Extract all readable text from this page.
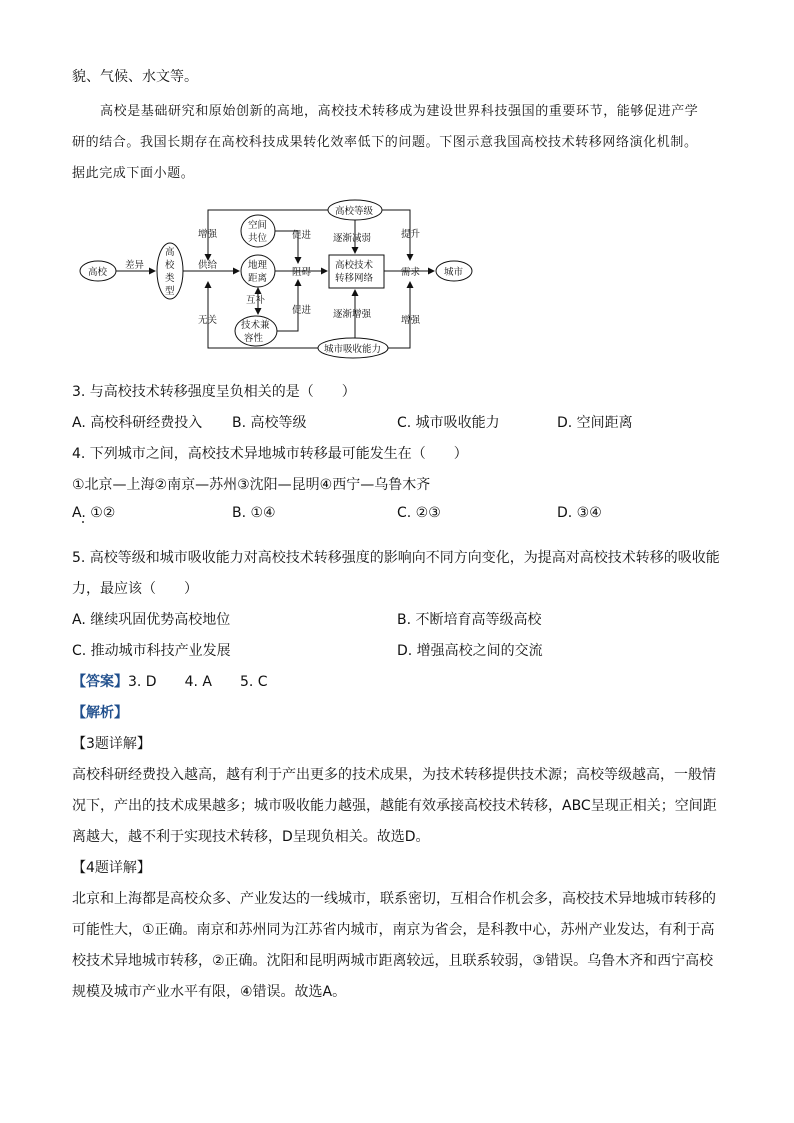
貌、气候、水文等。
高校是基础研究和原始创新的高地，高校技术转移成为建设世界科技强国的重要环节，能够促进产学
研的结合。我国长期存在高校科技成果转化效率低下的问题。下图示意我国高校技术转移网络演化机制。
据此完成下面小题。
高校
差异
高
校
类
型
供给
空间
共位
地理
距离
互补
技术兼
容性
促进
阻碍
促进
增强
无关
高校等级
逐渐减弱
逐渐增强
高校技术
转移网络
需求	城市
提升
增强
城市吸收能力
3. 与高校技术转移强度呈负相关的是（　　）
A. 高校科研经费投入 B. 高校等级	C. 城市吸收能力	D. 空间距离
4. 下列城市之间，高校技术异地城市转移最可能发生在（　　）
①北京—上海②南京—苏州③沈阳—昆明④西宁—乌鲁木齐
A. ①②	B. ①④	C. ②③	D. ③④
5. 高校等级和城市吸收能力对高校技术转移强度的影响向不同方向变化，为提高对高校技术转移的吸收能
力，最应该（　　）
A. 继续巩固优势高校地位	B. 不断培育高等级高校
C. 推动城市科技产业发展	D. 增强高校之间的交流
【答案】3. D　　4. A　　5. C
【解析】
【3题详解】
高校科研经费投入越高，越有利于产出更多的技术成果，为技术转移提供技术源；高校等级越高，一般情
况下，产出的技术成果越多；城市吸收能力越强，越能有效承接高校技术转移，ABC呈现正相关；空间距
离越大，越不利于实现技术转移，D呈现负相关。故选D。
【4题详解】
北京和上海都是高校众多、产业发达的一线城市，联系密切，互相合作机会多，高校技术异地城市转移的
可能性大，①正确。南京和苏州同为江苏省内城市，南京为省会，是科教中心，苏州产业发达，有利于高
校技术异地城市转移，②正确。沈阳和昆明两城市距离较远，且联系较弱，③错误。乌鲁木齐和西宁高校
规模及城市产业水平有限，④错误。故选A。
